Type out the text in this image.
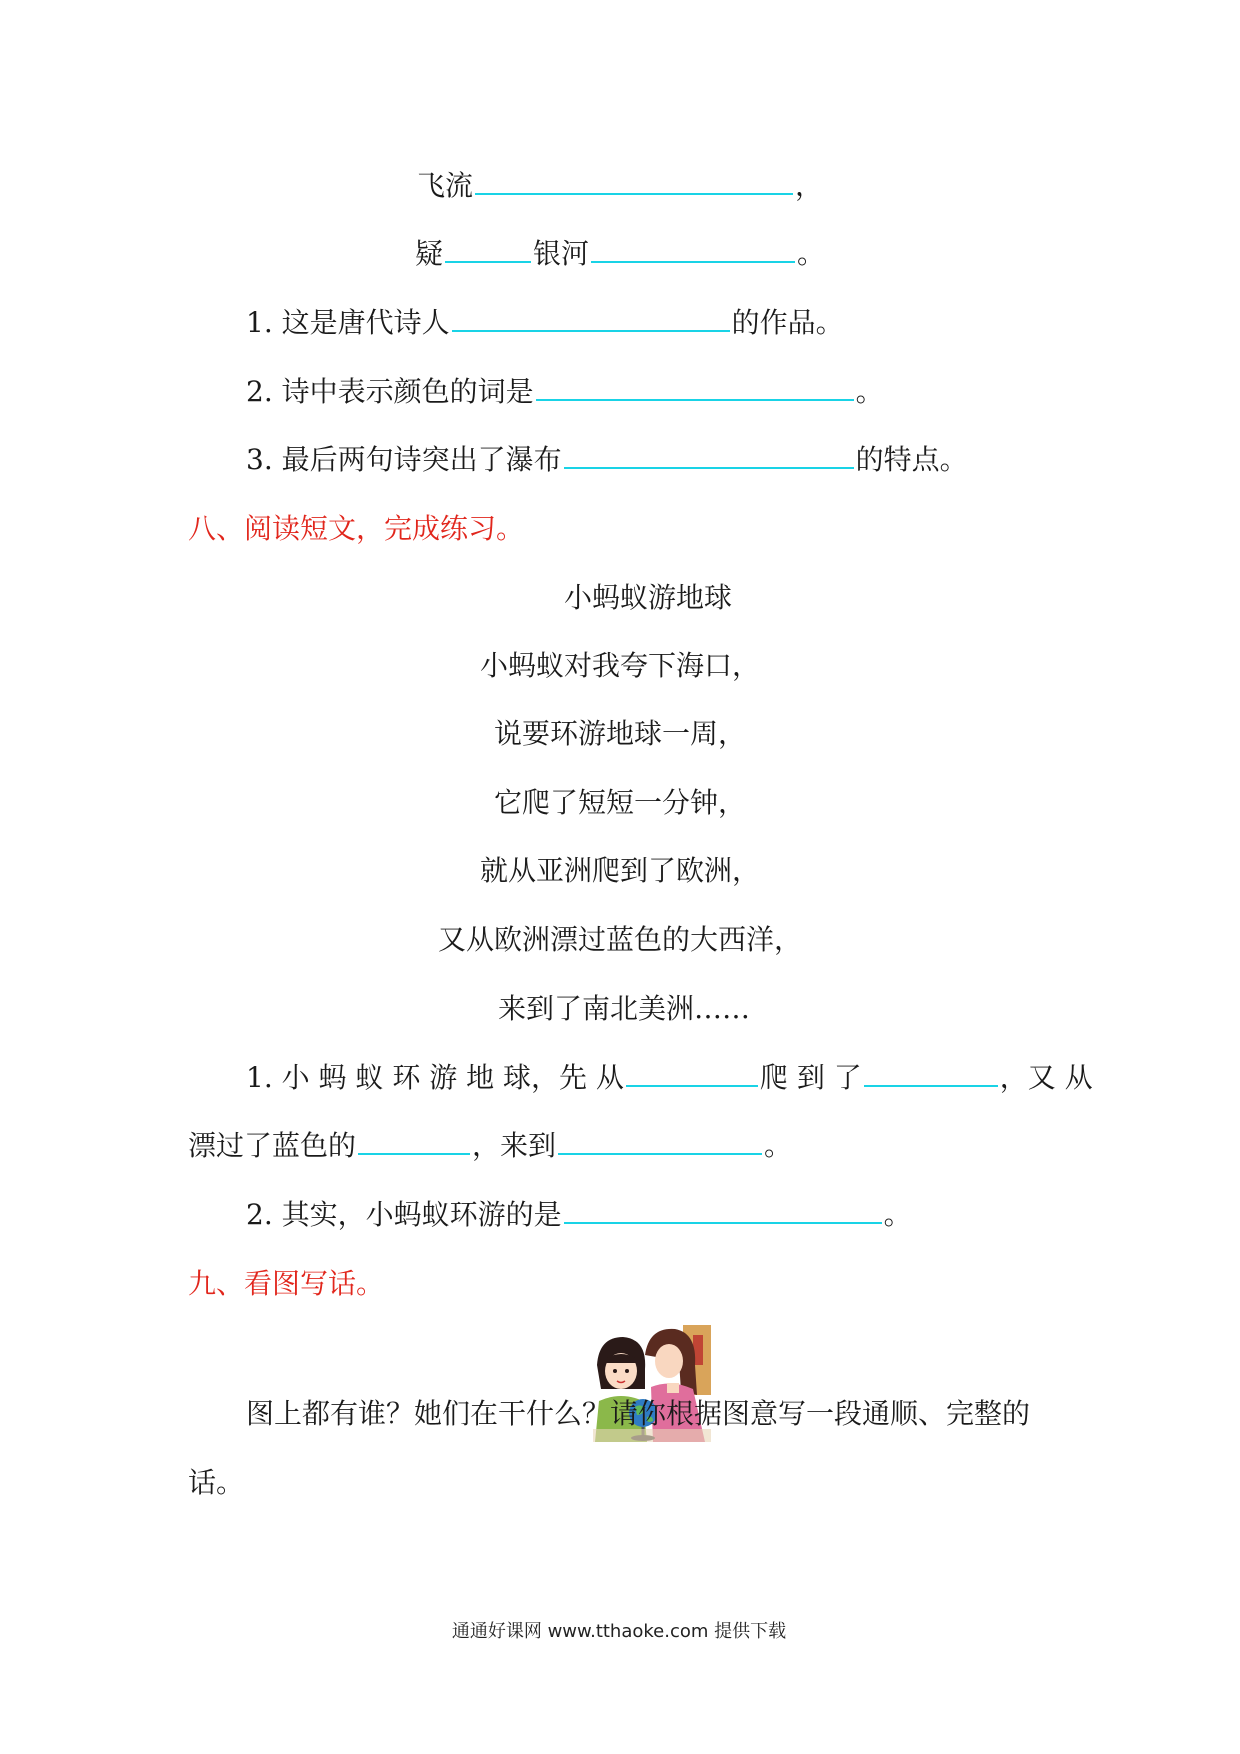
飞流	，
疑	银河	。
1. 这是唐代诗人	的作品。
2. 诗中表示颜色的词是	。
3. 最后两句诗突出了瀑布	的特点。
八、阅读短文，完成练习。
小蚂蚁游地球
小蚂蚁对我夸下海口，
说要环游地球一周，
它爬了短短一分钟，
就从亚洲爬到了欧洲，
又从欧洲漂过蓝色的大西洋，
来到了南北美洲……
1. 小 蚂 蚁 环 游 地 球，先 从	爬 到 了	，又 从
漂过了蓝色的	，来到	。
2. 其实，小蚂蚁环游的是	。
九、看图写话。
图上都有谁？她们在干什么？请你根据图意写一段通顺、完整的
话。
通通好课网 www.tthaoke.com 提供下载
